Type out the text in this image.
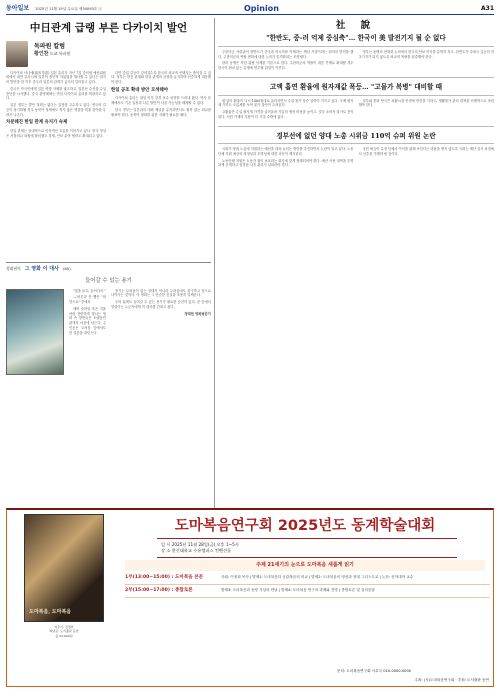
동아일보 2025년 11월 19일 수요일 제34093호 ⓐ	Opinion	A31
中日관계 급랭 부른 다카이치 발언
독파원 칼럼
황인찬 도쿄 특파원

다카이치 사나에(高市早苗) 일본 총리가 지난 7일 중의원 예산위원회에서 대만 유사시에 일본이 집단적 자위권을 행사할 수 있다는 취지의 발언을 한 이후 중국과 일본의 관계가 급속히 얼어붙고 있다.

중국은 자국민에게 일본 여행 자제를 권고하고, 일본산 수산물 수입 중단을 시사했다. 중국 관영매체는 연일 다카이치 총리를 비판하고 있다.

일본 정부는 발언 철회는 없다는 입장을 고수하고 있다. 양국의 갈등이 장기화될 경우 동북아 정세에도 적지 않은 영향을 미칠 것이란 우려가 나온다.

차분해진 한일 관계 유지가 숙제

한일 관계는 상대적으로 안정적인 흐름을 이어가고 있다. 양국 정상은 셔틀외교 복원에 합의했고 경제, 안보 분야 협력도 확대되고 있다.

다만 중일 갈등이 깊어질수록 한국의 외교적 선택지는 좁아질 수 있다. 정부는 한중 관계와 한일 관계의 균형을 유지하며 신중하게 대응해야 한다.

한일 공조 확대 방안 모색해야

다카이치 총리는 취임 이후 강경 보수 성향을 드러내 왔다. 역사 문제에서도 기존 입장과 다른 발언이 나올 가능성을 배제할 수 없다.

한국 정부는 일본과의 대화 채널을 유지하면서도 원칙 있는 외교를 펼쳐야 한다. 동북아 평화를 위한 지혜가 필요한 때다.

정태현의 그 영화 이 대사 (80)
들어갈 수 있는 용기

"열을 들고, 들어가서."

—'버튼과 못 뽑은 "희망으로"'중에서

에버 슬라임 혹은 겨울처럼 찬란하게 빛나는 영화 속 장면들은 오랫동안 관객의 마음에 남는다. 주인공은 두려움 앞에서도 한 걸음을 내딛는다.

용기는 두려움이 없는 상태가 아니라 두려움에도 불구하고 앞으로 나아가는 것이다. 이 영화는 그 단순한 진실을 조용히 일깨운다.

우리 삶에도 들어갈 수 있는 용기가 필요한 순간이 있다. 문 앞에서 망설이는 누군가에게 이 대사를 건네고 싶다.

정태현 영화평론가

社 說
"한반도, 중-러 억제 중심축"… 한국이 美 발전기지 될 순 없다

주한미군 사령관이 한반도가 중국과 러시아를 억제하는 핵심 거점이라는 취지의 발언을 했다. 주한미군의 역할 변화에 대한 논의가 본격화되는 모양새다.

한미 동맹은 북한 위협 억제를 기본으로 한다. 주한미군의 역할이 대중 견제로 확대될 경우 한국이 원치 않는 분쟁에 연루될 위험이 커진다.

정부는 동맹의 현대화 논의에서 한국의 안보 이익을 분명히 하고, 한반도가 강대국 갈등의 전초기지가 되지 않도록 외교적 역량을 집중해야 한다.

고액 흡연 환율에 원자재값 폭등… "고물가 복병" 대비할 때

원·달러 환율이 다시 1460원대로 올라서면서 수입 물가 상승 압력이 커지고 있다. 국제 원자재 가격도 오름세를 보여 물가 불안이 우려된다.

고환율은 수입 원자재 가격을 끌어올려 기업의 생산 비용을 높이고, 결국 소비자 물가로 전이된다. 서민 가계의 부담이 더 커질 수밖에 없다.

정부와 통화 당국은 외환시장 안정에 만전을 기하고, 생활물가 관리 대책을 선제적으로 마련해야 한다.

경부선에 없던 양대 노총 시위금 110억 슈퍼 위원 논란

국회가 양대 노총에 지원하는 예산을 대폭 늘리는 방안을 추진하면서 논란이 일고 있다. 노동단체 지원 예산의 적정성과 투명성에 대한 의문이 제기된다.

노동단체 지원은 노동자 권익 보호라는 취지에 맞게 집행되어야 한다. 예산 사용 내역을 투명하게 공개하고 엄정한 사후 관리가 뒤따라야 한다.

국민 세금이 특정 단체의 이익을 위해 쓰인다는 비판을 받지 않도록 국회는 예산 심사 과정에서 신중을 기해야 할 것이다.

도마복음, 도마복음
지은이: 김정한
펴낸곳: 도서출판 동연
값 22,000원
도마복음연구회 2025년도 동계학술대회
일 시 2025년 11월 28일(금) 오후 1~5시
장 소 한신대학교 수유캠퍼스 컨벤션홀
주제 21세기의 눈으로 도마복음 새롭게 읽기
1부(13:00~15:00) : 도마복음 본문	사회: 이정희 목사 | 발제1: 도마복음과 공관복음의 비교 | 발제2: 도마복음의 영성과 현대 그리스도교 | 논찬: 신학대학 교수
2부(15:00~17:00) : 종합토론	발제3: 도마복음과 동양 사상의 만남 | 발제4: 도마복음 연구의 과제와 전망 | 종합토론 및 질의응답
문의: 도마복음연구회 사무국 010-0000-0000
주최: (사)도마복음연구회 · 후원: 도서출판 동연
